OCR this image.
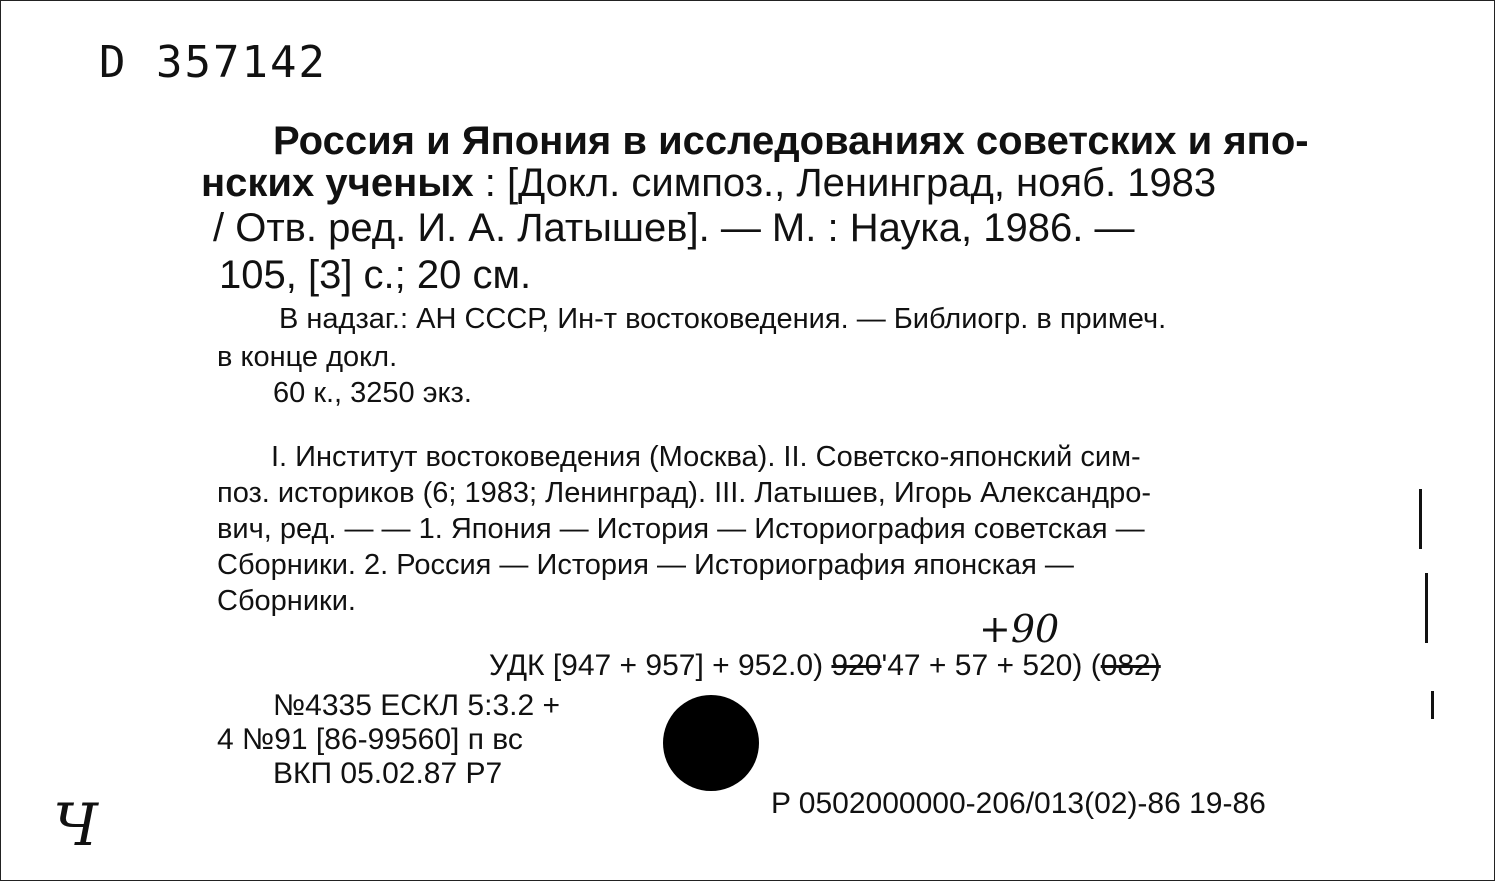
D 357142
Россия и Япония в исследованиях советских и япо-
нских ученых : [Докл. симпоз., Ленинград, нояб. 1983
/ Отв. ред. И. А. Латышев]. — М. : Наука, 1986. —
105, [3] с.; 20 см.
В надзаг.: АН СССР, Ин-т востоковедения. — Библиогр. в примеч.
в конце докл.
60 к., 3250 экз.
I. Институт востоковедения (Москва). II. Советско-японский сим-
поз. историков (6; 1983; Ленинград). III. Латышев, Игорь Александро-
вич, ред. — — 1. Япония — История — Историография советская —
Сборники. 2. Россия — История — Историография японская —
Сборники.
+90
УДК [947 + 957] + 952.0) 920'47 + 57 + 520) (082)
№4335 ЕСКЛ 5:3.2 +
4 №91 [86-99560] п вс
ВКП 05.02.87 Р7
P 0502000000-206/013(02)-86 19-86
Ч
